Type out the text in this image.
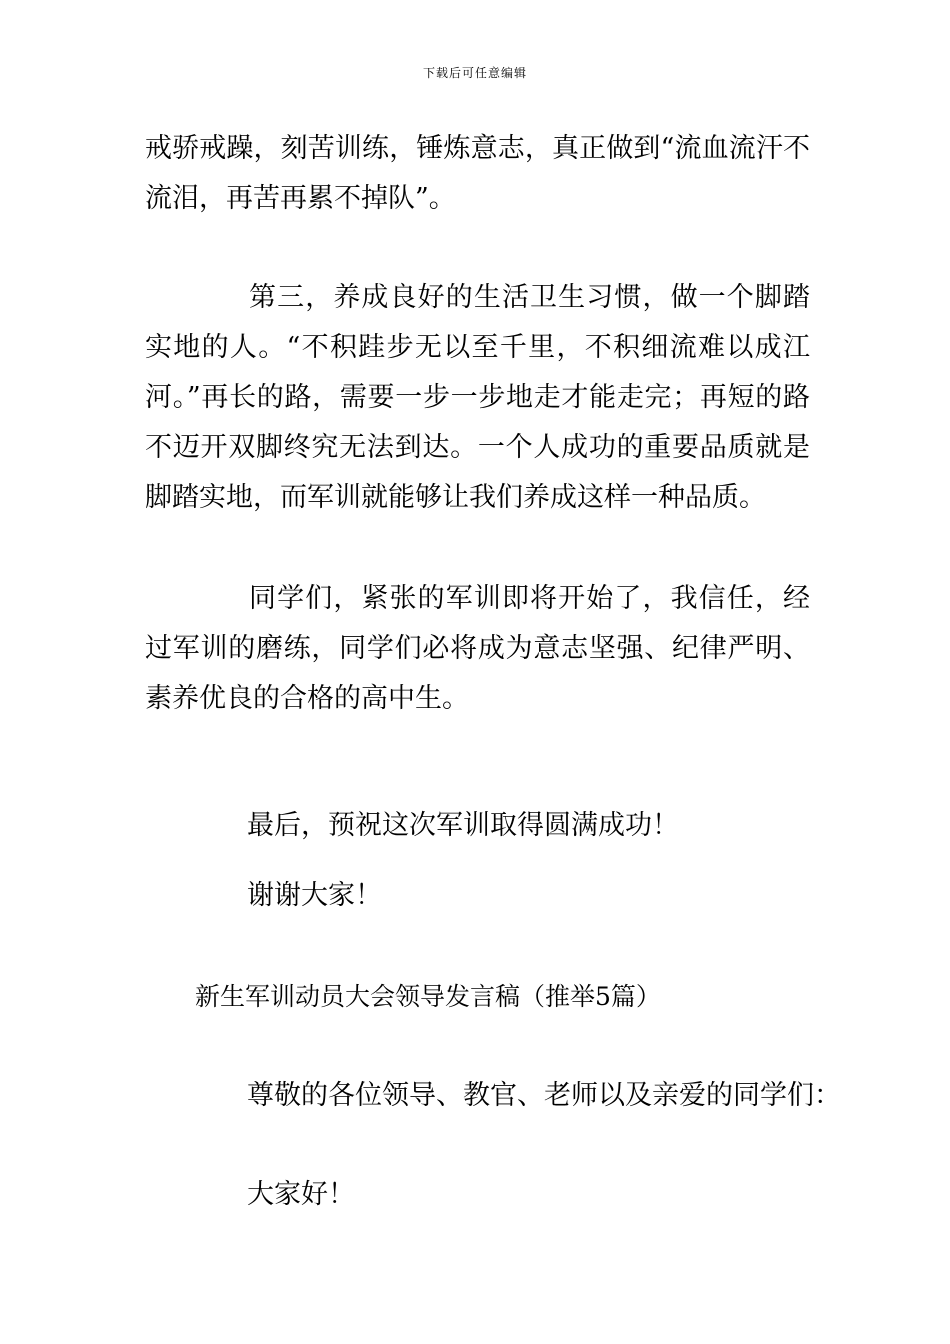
下载后可任意编辑

戒骄戒躁，刻苦训练，锤炼意志，真正做到“流血流汗不流泪，再苦再累不掉队”。

第三，养成良好的生活卫生习惯，做一个脚踏实地的人。“不积跬步无以至千里，不积细流难以成江河。”再长的路，需要一步一步地走才能走完；再短的路不迈开双脚终究无法到达。一个人成功的重要品质就是脚踏实地，而军训就能够让我们养成这样一种品质。

同学们，紧张的军训即将开始了，我信任，经过军训的磨练，同学们必将成为意志坚强、纪律严明、素养优良的合格的高中生。

最后，预祝这次军训取得圆满成功！

谢谢大家！

新生军训动员大会领导发言稿（推举5篇）

尊敬的各位领导、教官、老师以及亲爱的同学们：

大家好！
